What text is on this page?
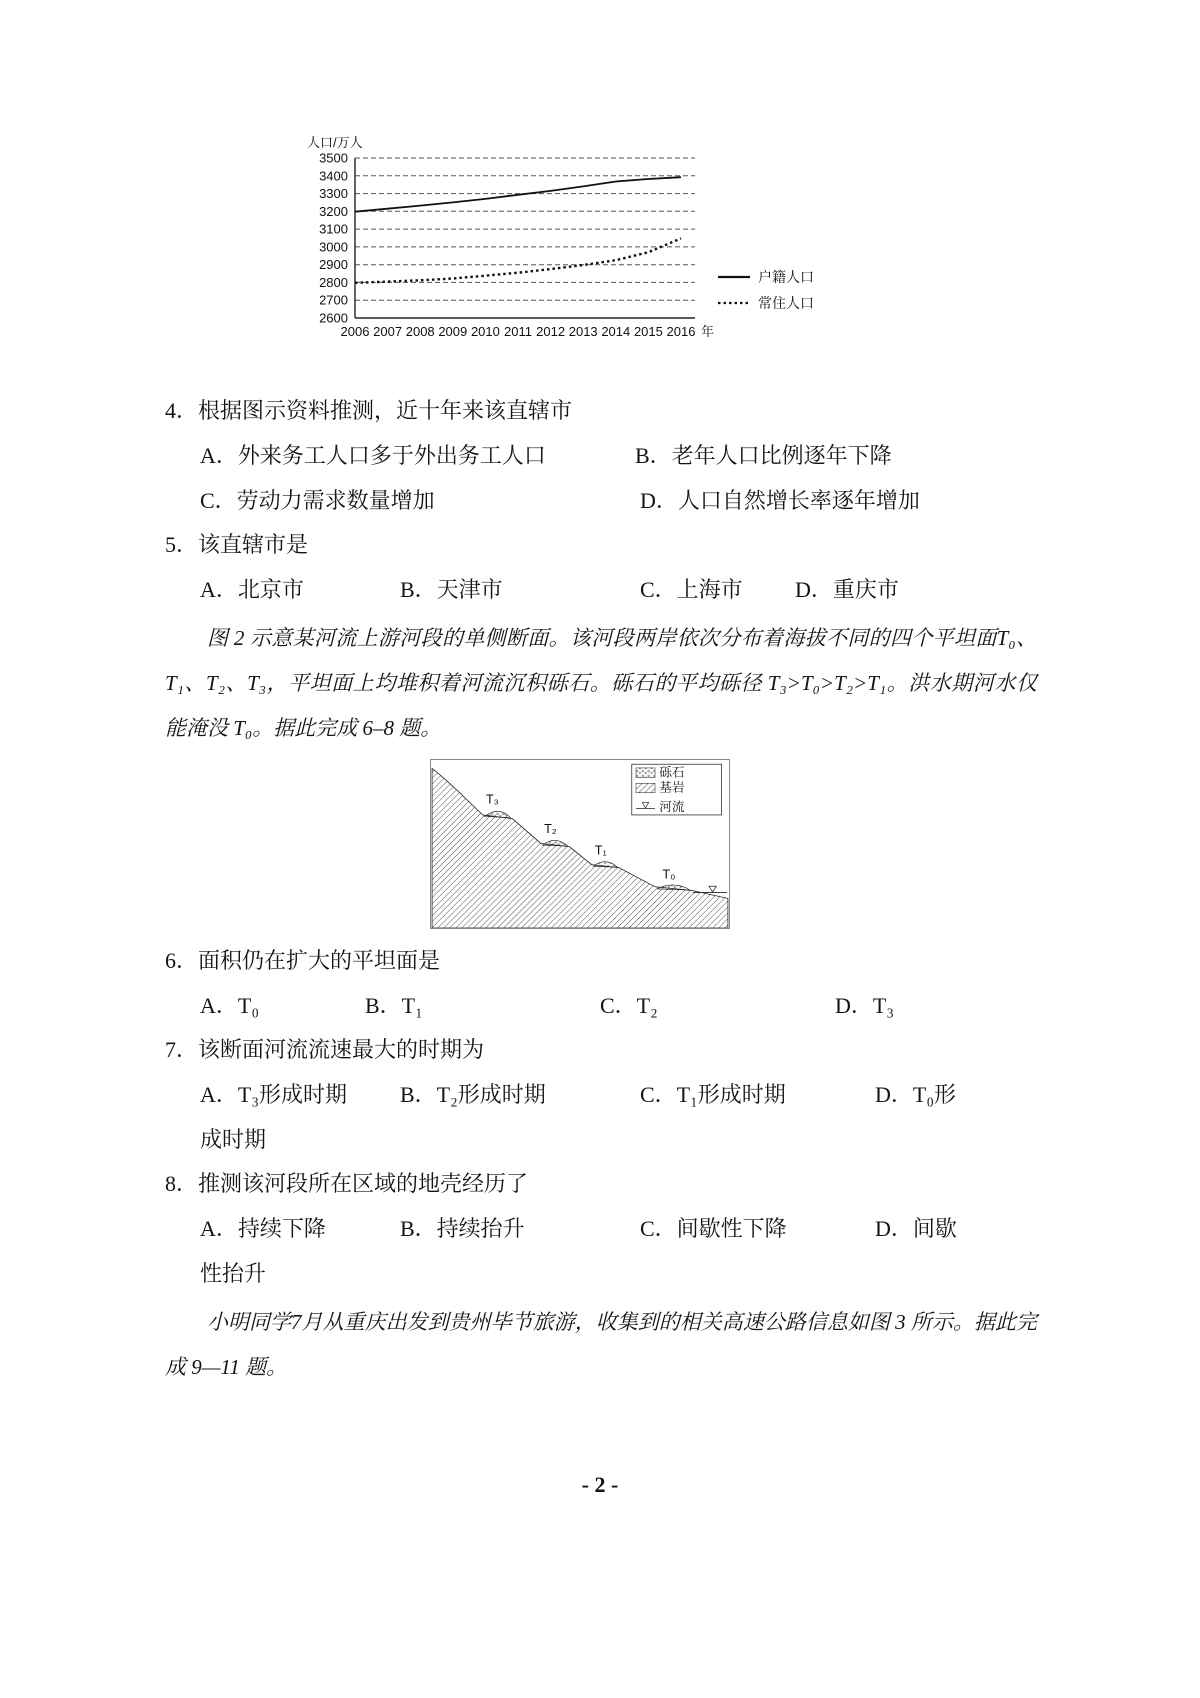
2600
2700
2800
2900
3000
3100
3200
3300
3400
3500
2006 2007 2008 2009 2010 2011 2012 2013 2014 2015 2016 年
户籍人口
常住人口
人口/万人
4．根据图示资料推测，近十年来该直辖市
A．外来务工人口多于外出务工人口	B．老年人口比例逐年下降
C．劳动力需求数量增加	D．人口自然增长率逐年增加
5．该直辖市是
A．北京市	B．天津市	C．上海市 D．重庆市

图 2 示意某河流上游河段的单侧断面。该河段两岸依次分布着海拔不同的四个平坦面T₀、T₁、T₂、T₃，平坦面上均堆积着河流沉积砾石。砾石的平均砾径 T₃>T₀>T₂>T₁。洪水期河水仅能淹没 T₀。据此完成 6–8 题。

T₃
T₂
T₁
T₀
砾石
基岩
河流
6．面积仍在扩大的平坦面是
A．T₀	B．T₁	C．T₂	D．T₃
7．该断面河流流速最大的时期为
A．T₃形成时期 B．T₂形成时期	C．T₁形成时期	D．T₀形
成时期
8．推测该河段所在区域的地壳经历了
A．持续下降	B．持续抬升	C．间歇性下降	D．间歇
性抬升

小明同学7月从重庆出发到贵州毕节旅游，收集到的相关高速公路信息如图 3 所示。据此完成 9—11 题。

- 2 -
